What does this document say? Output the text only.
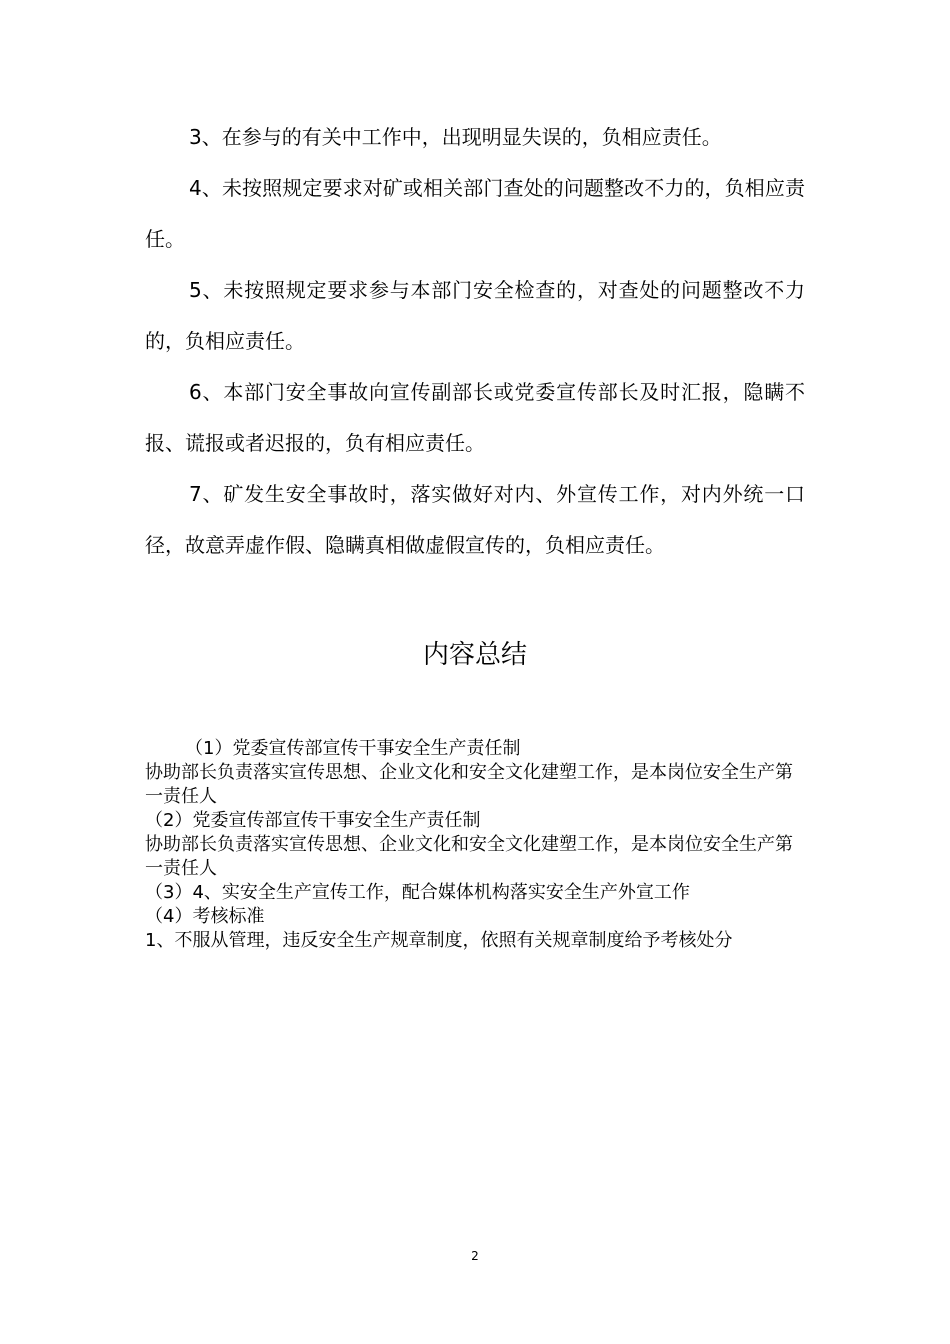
3、在参与的有关中工作中，出现明显失误的，负相应责任。

4、未按照规定要求对矿或相关部门查处的问题整改不力的，负相应责任。

5、未按照规定要求参与本部门安全检查的，对查处的问题整改不力的，负相应责任。

6、本部门安全事故向宣传副部长或党委宣传部长及时汇报，隐瞒不报、谎报或者迟报的，负有相应责任。

7、矿发生安全事故时，落实做好对内、外宣传工作，对内外统一口径，故意弄虚作假、隐瞒真相做虚假宣传的，负相应责任。

内容总结

（1）党委宣传部宣传干事安全生产责任制

协助部长负责落实宣传思想、企业文化和安全文化建塑工作，是本岗位安全生产第一责任人

（2）党委宣传部宣传干事安全生产责任制

协助部长负责落实宣传思想、企业文化和安全文化建塑工作，是本岗位安全生产第一责任人

（3）4、实安全生产宣传工作，配合媒体机构落实安全生产外宣工作

（4）考核标准

1、不服从管理，违反安全生产规章制度，依照有关规章制度给予考核处分

2
